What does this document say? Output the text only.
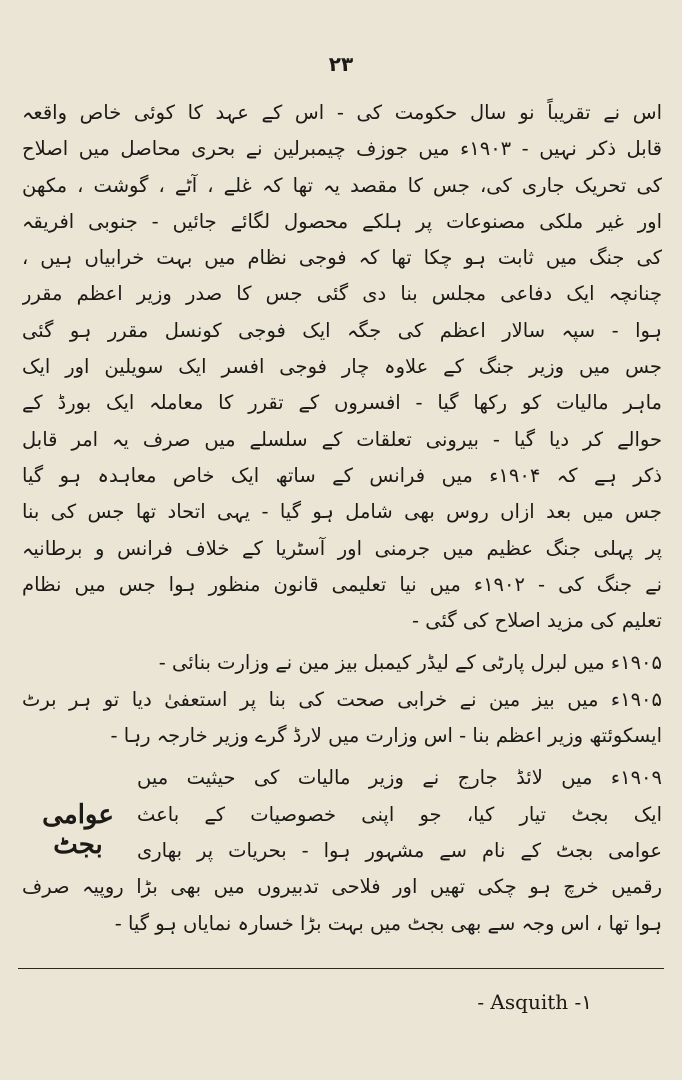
۲۳
اس نے تقریباً نو سال حکومت کی - اس کے عہد کا کوئی خاص واقعہ
قابل ذکر نہیں - ۱۹۰۳ء میں جوزف چیمبرلین نے بحری محاصل میں اصلاح
کی تحریک جاری کی، جس کا مقصد یہ تھا کہ غلے ، آٹے ، گوشت ، مکھن
اور غیر ملکی مصنوعات پر ہلکے محصول لگائے جائیں - جنوبی افریقہ
کی جنگ میں ثابت ہو چکا تھا کہ فوجی نظام میں بہت خرابیاں ہیں ،
چنانچہ ایک دفاعی مجلس بنا دی گئی جس کا صدر وزیر اعظم مقرر
ہوا - سپہ سالار اعظم کی جگہ ایک فوجی کونسل مقرر ہو گئی
جس میں وزیر جنگ کے علاوہ چار فوجی افسر ایک سویلین اور ایک
ماہر مالیات کو رکھا گیا - افسروں کے تقرر کا معاملہ ایک بورڈ کے
حوالے کر دیا گیا - بیرونی تعلقات کے سلسلے میں صرف یہ امر قابل
ذکر ہے کہ ۱۹۰۴ء میں فرانس کے ساتھ ایک خاص معاہدہ ہو گیا
جس میں بعد ازاں روس بھی شامل ہو گیا - یہی اتحاد تھا جس کی بنا
پر پہلی جنگ عظیم میں جرمنی اور آسٹریا کے خلاف فرانس و برطانیہ
نے جنگ کی - ۱۹۰۲ء میں نیا تعلیمی قانون منظور ہوا جس میں نظام
تعلیم کی مزید اصلاح کی گئی -
۱۹۰۵ء میں لبرل پارٹی کے لیڈر کیمبل بیز مین نے وزارت بنائی -
۱۹۰۵ء میں بیز مین نے خرابی صحت کی بنا پر استعفیٰ دیا تو ہر برٹ
ایسکوئتھ وزیر اعظم بنا - اس وزارت میں لارڈ گرے وزیر خارجہ رہا -
۱۹۰۹ء میں لائڈ جارج نے وزیر مالیات کی حیثیت میں
ایک بجٹ تیار کیا، جو اپنی خصوصیات کے باعث
عوامی بجٹ کے نام سے مشہور ہوا - بحریات پر بھاری
رقمیں خرچ ہو چکی تھیں اور فلاحی تدبیروں میں بھی بڑا روپیہ صرف
ہوا تھا ، اس وجہ سے بھی بجٹ میں بہت بڑا خسارہ نمایاں ہو گیا -
عوامی بجٹ
- Asquith -۱
